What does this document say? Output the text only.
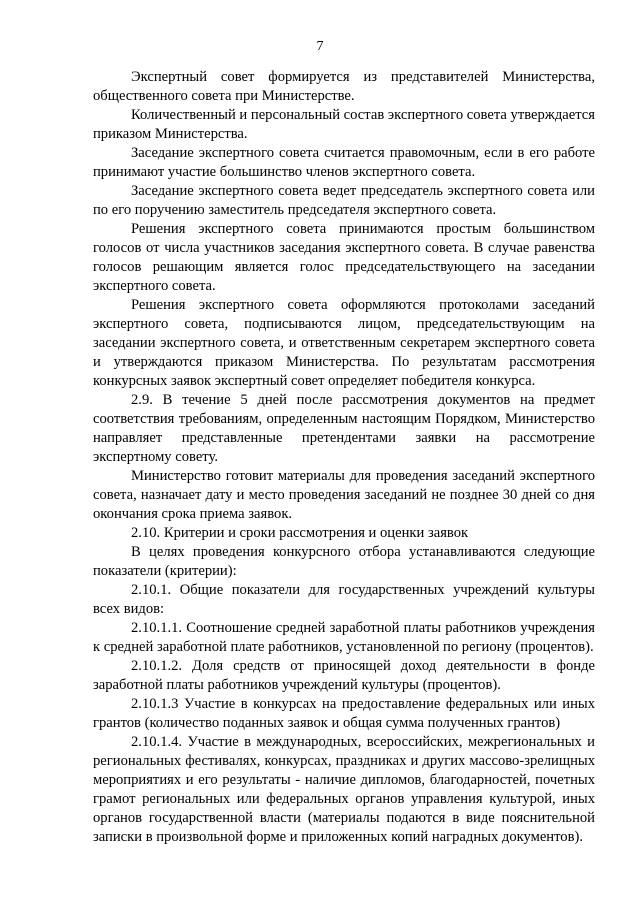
7

Экспертный совет формируется из представителей Министерства, общественного совета при Министерстве.

Количественный и персональный состав экспертного совета утверждается приказом Министерства.

Заседание экспертного совета считается правомочным, если в его работе принимают участие большинство членов экспертного совета.

Заседание экспертного совета ведет председатель экспертного совета или по его поручению заместитель председателя экспертного совета.

Решения экспертного совета принимаются простым большинством голосов от числа участников заседания экспертного совета. В случае равенства голосов решающим является голос председательствующего на заседании экспертного совета.

Решения экспертного совета оформляются протоколами заседаний экспертного совета, подписываются лицом, председательствующим на заседании экспертного совета, и ответственным секретарем экспертного совета и утверждаются приказом Министерства. По результатам рассмотрения конкурсных заявок экспертный совет определяет победителя конкурса.

2.9. В течение 5 дней после рассмотрения документов на предмет соответствия требованиям, определенным настоящим Порядком, Министерство направляет представленные претендентами заявки на рассмотрение экспертному совету.

Министерство готовит материалы для проведения заседаний экспертного совета, назначает дату и место проведения заседаний не позднее 30 дней со дня окончания срока приема заявок.

2.10. Критерии и сроки рассмотрения и оценки заявок

В целях проведения конкурсного отбора устанавливаются следующие показатели (критерии):

2.10.1. Общие показатели для государственных учреждений культуры всех видов:

2.10.1.1. Соотношение средней заработной платы работников учреждения к средней заработной плате работников, установленной по региону (процентов).

2.10.1.2. Доля средств от приносящей доход деятельности в фонде заработной платы работников учреждений культуры (процентов).

2.10.1.3 Участие в конкурсах на предоставление федеральных или иных грантов (количество поданных заявок и общая сумма полученных грантов)

2.10.1.4. Участие в международных, всероссийских, межрегиональных и региональных фестивалях, конкурсах, праздниках и других массово-зрелищных мероприятиях и его результаты - наличие дипломов, благодарностей, почетных грамот региональных или федеральных органов управления культурой, иных органов государственной власти (материалы подаются в виде пояснительной записки в произвольной форме и приложенных копий наградных документов).
